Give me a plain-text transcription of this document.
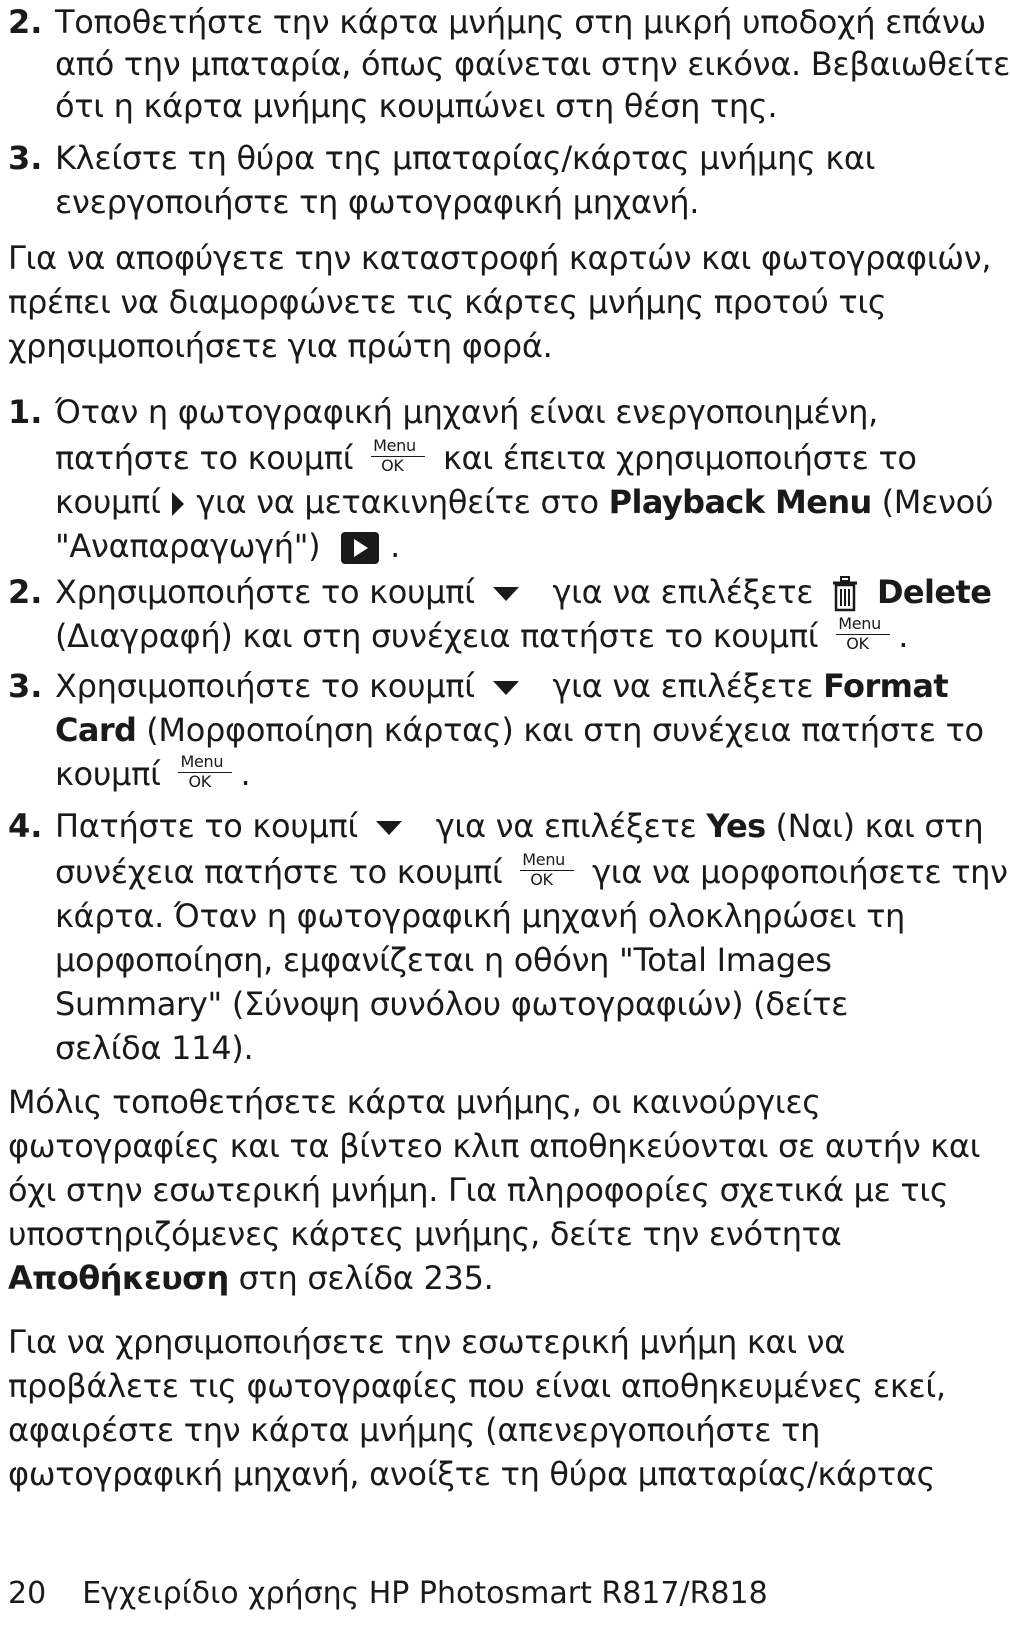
2. Τοποθετήστε την κάρτα μνήμης στη μικρή υποδοχή επάνω
από την μπαταρία, όπως φαίνεται στην εικόνα. Βεβαιωθείτε
ότι η κάρτα μνήμης κουμπώνει στη θέση της.
3. Κλείστε τη θύρα της μπαταρίας/κάρτας μνήμης και
ενεργοποιήστε τη φωτογραφική μηχανή.
Για να αποφύγετε την καταστροφή καρτών και φωτογραφιών,
πρέπει να διαμορφώνετε τις κάρτες μνήμης προτού τις
χρησιμοποιήσετε για πρώτη φορά.
1. Όταν η φωτογραφική μηχανή είναι ενεργοποιημένη,
πατήστε το κουμπί Menu
OK και έπειτα χρησιμοποιήστε το
κουμπί για να μετακινηθείτε στο Playback Menu (Μενού
"Αναπαραγωγή") .
2. Χρησιμοποιήστε το κουμπί για να επιλέξετε Delete
(Διαγραφή) και στη συνέχεια πατήστε το κουμπί Menu
OK .
3. Χρησιμοποιήστε το κουμπί για να επιλέξετε Format
Card (Μορφοποίηση κάρτας) και στη συνέχεια πατήστε το
κουμπί Menu
OK .
4. Πατήστε το κουμπί για να επιλέξετε Yes (Ναι) και στη
συνέχεια πατήστε το κουμπί Menu
OK για να μορφοποιήσετε την
κάρτα. Όταν η φωτογραφική μηχανή ολοκληρώσει τη
μορφοποίηση, εμφανίζεται η οθόνη "Total Images
Summary" (Σύνοψη συνόλου φωτογραφιών) (δείτε
σελίδα 114).
Μόλις τοποθετήσετε κάρτα μνήμης, οι καινούργιες
φωτογραφίες και τα βίντεο κλιπ αποθηκεύονται σε αυτήν και
όχι στην εσωτερική μνήμη. Για πληροφορίες σχετικά με τις
υποστηριζόμενες κάρτες μνήμης, δείτε την ενότητα
Αποθήκευση στη σελίδα 235.
Για να χρησιμοποιήσετε την εσωτερική μνήμη και να
προβάλετε τις φωτογραφίες που είναι αποθηκευμένες εκεί,
αφαιρέστε την κάρτα μνήμης (απενεργοποιήστε τη
φωτογραφική μηχανή, ανοίξτε τη θύρα μπαταρίας/κάρτας
20 Εγχειρίδιο χρήσης HP Photosmart R817/R818
